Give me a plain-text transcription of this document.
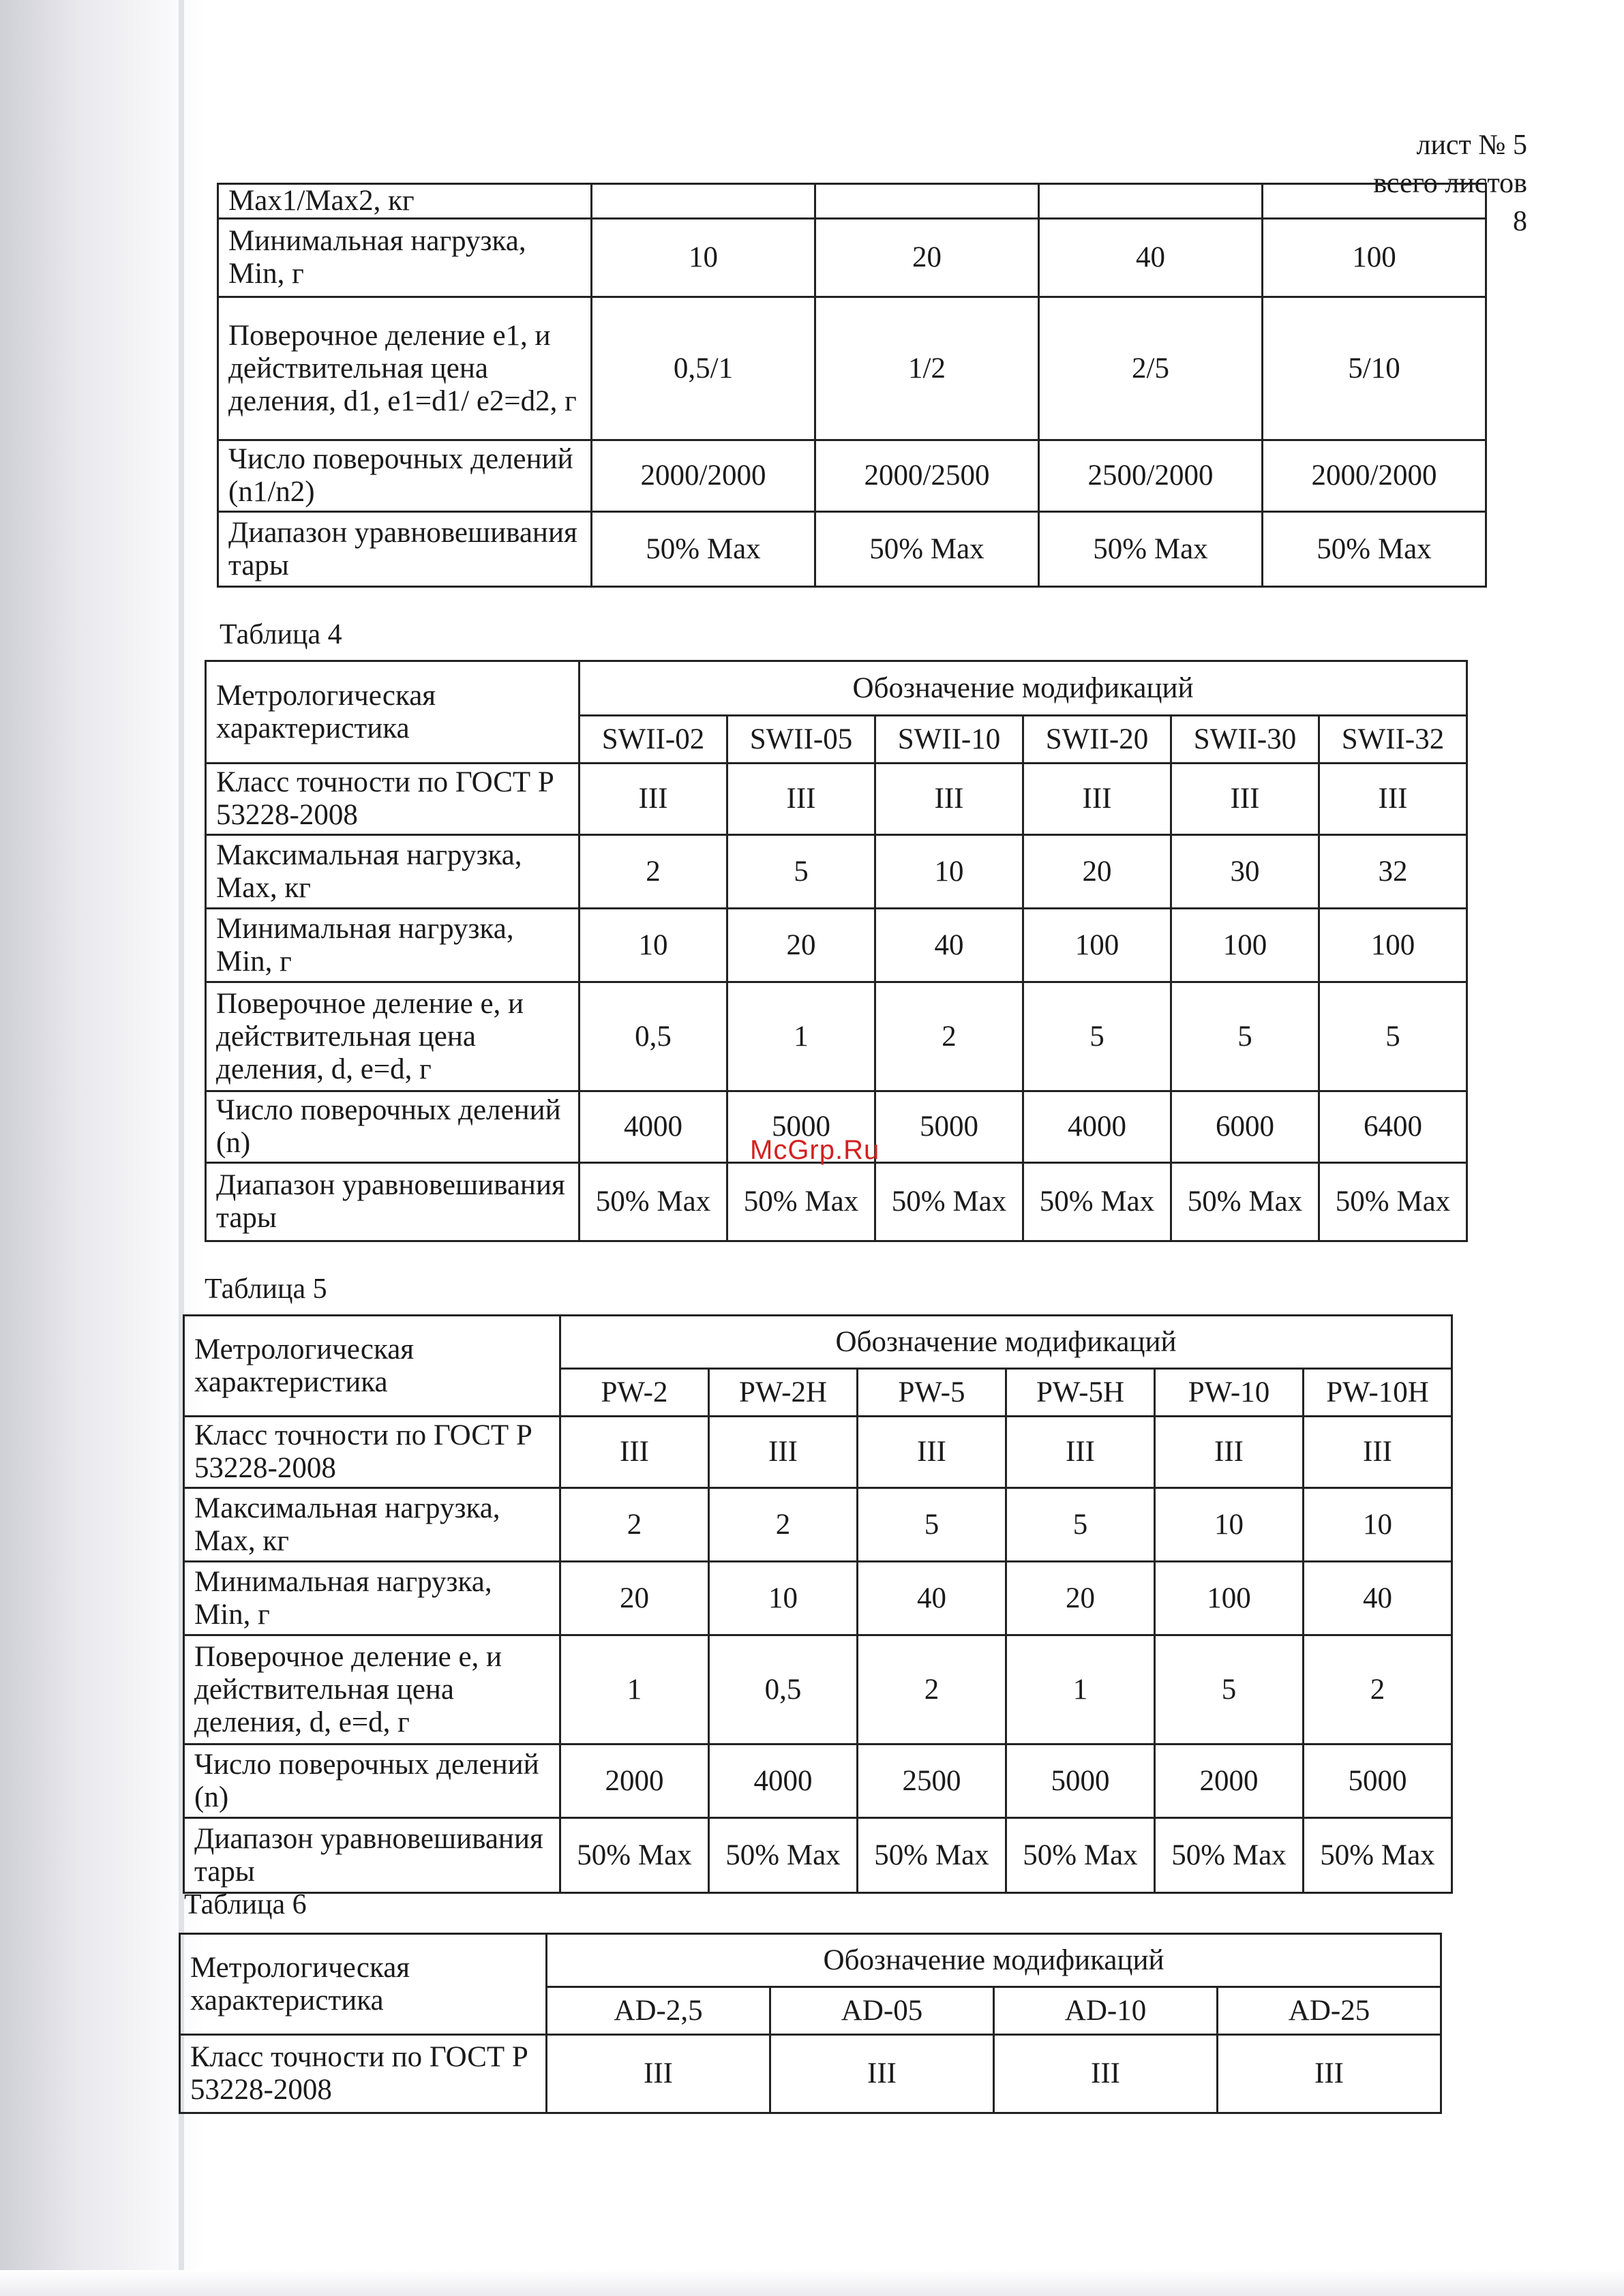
лист № 5
всего листов 8
Max1/Max2, кг				
Минимальная нагрузка, Min, г	10	20	40	100
Поверочное деление e1, и действительная цена деления, d1, e1=d1/ e2=d2, г	0,5/1	1/2	2/5	5/10
Число поверочных делений (n1/n2)	2000/2000	2000/2500	2500/2000	2000/2000
Диапазон уравновешивания тары	50% Max	50% Max	50% Max	50% Max
Таблица 4
Метрологическая характеристика	Обозначение модификаций					
	SWII-02	SWII-05	SWII-10	SWII-20	SWII-30	SWII-32
Класс точности по ГОСТ Р 53228-2008	III	III	III	III	III	III
Максимальная нагрузка, Max, кг	2	5	10	20	30	32
Минимальная нагрузка, Min, г	10	20	40	100	100	100
Поверочное деление e, и действительная цена деления, d, e=d, г	0,5	1	2	5	5	5
Число поверочных делений (n)	4000	5000	5000	4000	6000	6400
Диапазон уравновешивания тары	50% Max	50% Max	50% Max	50% Max	50% Max	50% Max
McGrp.Ru
Таблица 5
Метрологическая характеристика	Обозначение модификаций					
	PW-2	PW-2H	PW-5	PW-5H	PW-10	PW-10H
Класс точности по ГОСТ Р 53228-2008	III	III	III	III	III	III
Максимальная нагрузка, Max, кг	2	2	5	5	10	10
Минимальная нагрузка, Min, г	20	10	40	20	100	40
Поверочное деление e, и действительная цена деления, d, e=d, г	1	0,5	2	1	5	2
Число поверочных делений (n)	2000	4000	2500	5000	2000	5000
Диапазон уравновешивания тары	50% Max	50% Max	50% Max	50% Max	50% Max	50% Max
Таблица 6
Метрологическая характеристика	Обозначение модификаций			
	AD-2,5	AD-05	AD-10	AD-25
Класс точности по ГОСТ Р 53228-2008	III	III	III	III
